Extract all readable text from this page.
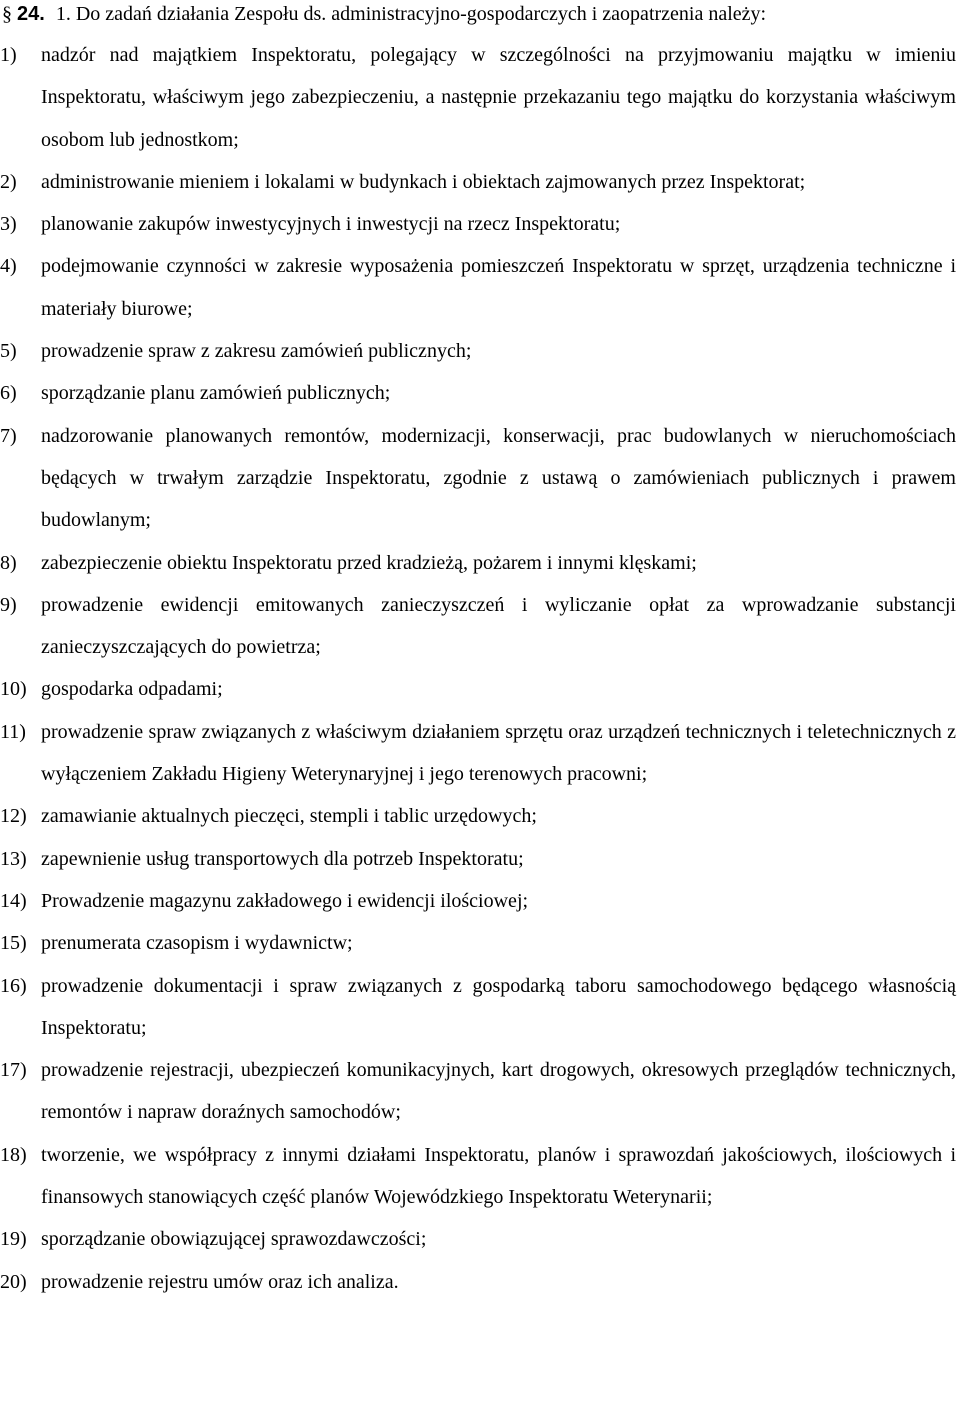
§ 24. 1. Do zadań działania Zespołu ds. administracyjno-gospodarczych i zaopatrzenia należy:
1)	nadzór nad majątkiem Inspektoratu, polegający w szczególności na przyjmowaniu majątku w imieniu Inspektoratu, właściwym jego zabezpieczeniu, a następnie przekazaniu tego majątku do korzystania właściwym osobom lub jednostkom;
2)	administrowanie mieniem i lokalami w budynkach i obiektach zajmowanych przez Inspektorat;
3)	planowanie zakupów inwestycyjnych i inwestycji na rzecz Inspektoratu;
4)	podejmowanie czynności w zakresie wyposażenia pomieszczeń Inspektoratu w sprzęt, urządzenia techniczne i materiały biurowe;
5)	prowadzenie spraw z zakresu zamówień publicznych;
6)	sporządzanie planu zamówień publicznych;
7)	nadzorowanie planowanych remontów, modernizacji, konserwacji, prac budowlanych w nieruchomościach będących w trwałym zarządzie Inspektoratu, zgodnie z ustawą o zamówieniach publicznych i prawem budowlanym;
8)	zabezpieczenie obiektu Inspektoratu przed kradzieżą, pożarem i innymi klęskami;
9)	prowadzenie ewidencji emitowanych zanieczyszczeń i wyliczanie opłat za wprowadzanie substancji zanieczyszczających do powietrza;
10) gospodarka odpadami;
11) prowadzenie spraw związanych z właściwym działaniem sprzętu oraz urządzeń technicznych i teletechnicznych z wyłączeniem Zakładu Higieny Weterynaryjnej i jego terenowych pracowni;
12) zamawianie aktualnych pieczęci, stempli i tablic urzędowych;
13) zapewnienie usług transportowych dla potrzeb Inspektoratu;
14) Prowadzenie magazynu zakładowego i ewidencji ilościowej;
15) prenumerata czasopism i wydawnictw;
16) prowadzenie dokumentacji i spraw związanych z gospodarką taboru samochodowego będącego własnością Inspektoratu;
17) prowadzenie rejestracji, ubezpieczeń komunikacyjnych, kart drogowych, okresowych przeglądów technicznych, remontów i napraw doraźnych samochodów;
18) tworzenie, we współpracy z innymi działami Inspektoratu, planów i sprawozdań jakościowych, ilościowych i finansowych stanowiących część planów Wojewódzkiego Inspektoratu Weterynarii;
19) sporządzanie obowiązującej sprawozdawczości;
20) prowadzenie rejestru umów oraz ich analiza.
